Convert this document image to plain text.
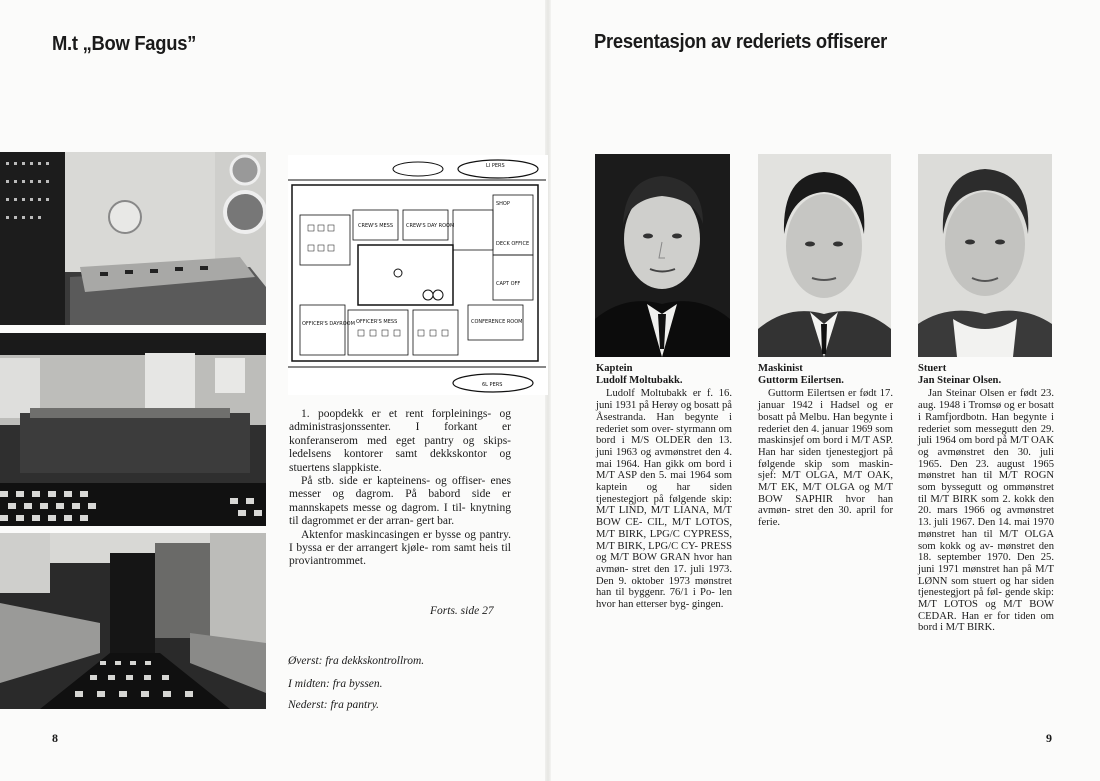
M.t „Bow Fagus”
LI PERS
6L PERS
CREW'S MESS	CREW'S DAY ROOM
OFFICER'S MESS
OFFICER'S DAYROOM	CONFERENCE ROOM
SHOP
DECK OFFICE
CAPT OFF

1. poopdekk er et rent forpleinings- og administrasjonssenter. I forkant er konferanserom med eget pantry og skips- ledelsens kontorer samt dekkskontor og stuertens slappkiste.

På stb. side er kapteinens- og offiser- enes messer og dagrom. På babord side er mannskapets messe og dagrom. I til- knytning til dagrommet er der arran- gert bar.

Aktenfor maskincasingen er bysse og pantry. I byssa er der arrangert kjøle- rom samt heis til proviantrommet.

Forts. side 27
Øverst: fra dekkskontrollrom.
I midten: fra byssen.
Nederst: fra pantry.
8
Presentasjon av rederiets offiserer
Kaptein
Ludolf Moltubakk.
Ludolf Moltubakk er f. 16. juni 1931 på Herøy og bosatt på Åsestranda. Han begynte i rederiet som over- styrmann om bord i M/S OLDER den 13. juni 1963 og avmønstret den 4. mai 1964. Han gikk om bord i M/T ASP den 5. mai 1964 som kaptein og har siden tjenestegjort på følgende skip: M/T LIND, M/T LIANA, M/T BOW CE- CIL, M/T LOTOS, M/T BIRK, LPG/C CYPRESS, M/T BIRK, LPG/C CY- PRESS og M/T BOW GRAN hvor han avmøn- stret den 17. juli 1973. Den 9. oktober 1973 mønstret han til byggenr. 76/1 i Po- len hvor han etterser byg- gingen.
Maskinist
Guttorm Eilertsen.
Guttorm Eilertsen er født 17. januar 1942 i Hadsel og er bosatt på Melbu. Han begynte i rederiet den 4. januar 1969 som maskinsjef om bord i M/T ASP. Han har siden tjenestegjort på følgende skip som maskin- sjef: M/T OLGA, M/T OAK, M/T EK, M/T OLGA og M/T BOW SAPHIR hvor han avmøn- stret den 30. april for ferie.
Stuert
Jan Steinar Olsen.
Jan Steinar Olsen er født 23. aug. 1948 i Tromsø og er bosatt i Ramfjordbotn. Han begynte i rederiet som messegutt den 29. juli 1964 om bord på M/T OAK og avmønstret den 30. juli 1965. Den 23. august 1965 mønstret han til M/T ROGN som byssegutt og ommønstret til M/T BIRK som 2. kokk den 20. mars 1966 og avmønstret 13. juli 1967. Den 14. mai 1970 mønstret han til M/T OLGA som kokk og av- mønstret den 18. september 1970. Den 25. juni 1971 mønstret han på M/T LØNN som stuert og har siden tjenestegjort på føl- gende skip: M/T LOTOS og M/T BOW CEDAR. Han er for tiden om bord i M/T BIRK.
9
